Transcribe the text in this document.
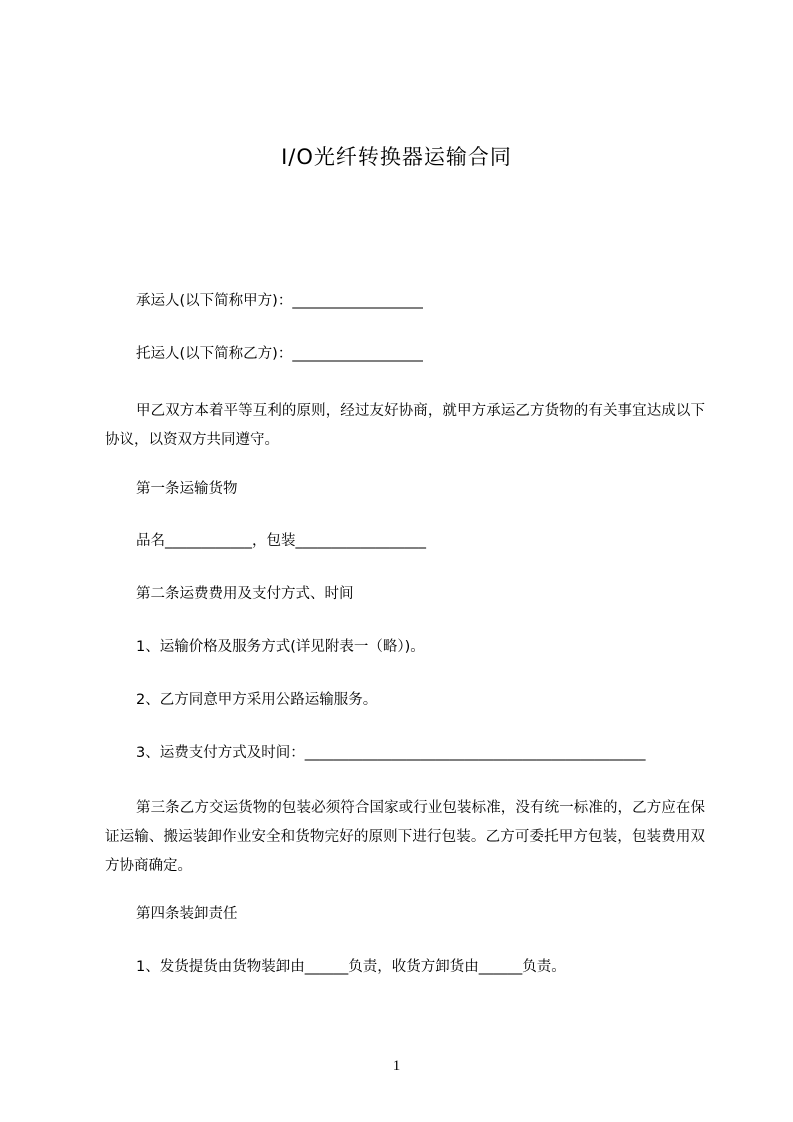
I/O光纤转换器运输合同
承运人(以下简称甲方)：__________________
托运人(以下简称乙方)：__________________
甲乙双方本着平等互利的原则，经过友好协商，就甲方承运乙方货物的有关事宜达成以下协议，以资双方共同遵守。
第一条运输货物
品名____________，包装__________________
第二条运费费用及支付方式、时间
1、运输价格及服务方式(详见附表一（略）)。
2、乙方同意甲方采用公路运输服务。
3、运费支付方式及时间：_______________________________________________
第三条乙方交运货物的包装必须符合国家或行业包装标准，没有统一标准的，乙方应在保证运输、搬运装卸作业安全和货物完好的原则下进行包装。乙方可委托甲方包装，包装费用双方协商确定。
第四条装卸责任
1、发货提货由货物装卸由______负责，收货方卸货由______负责。
1
